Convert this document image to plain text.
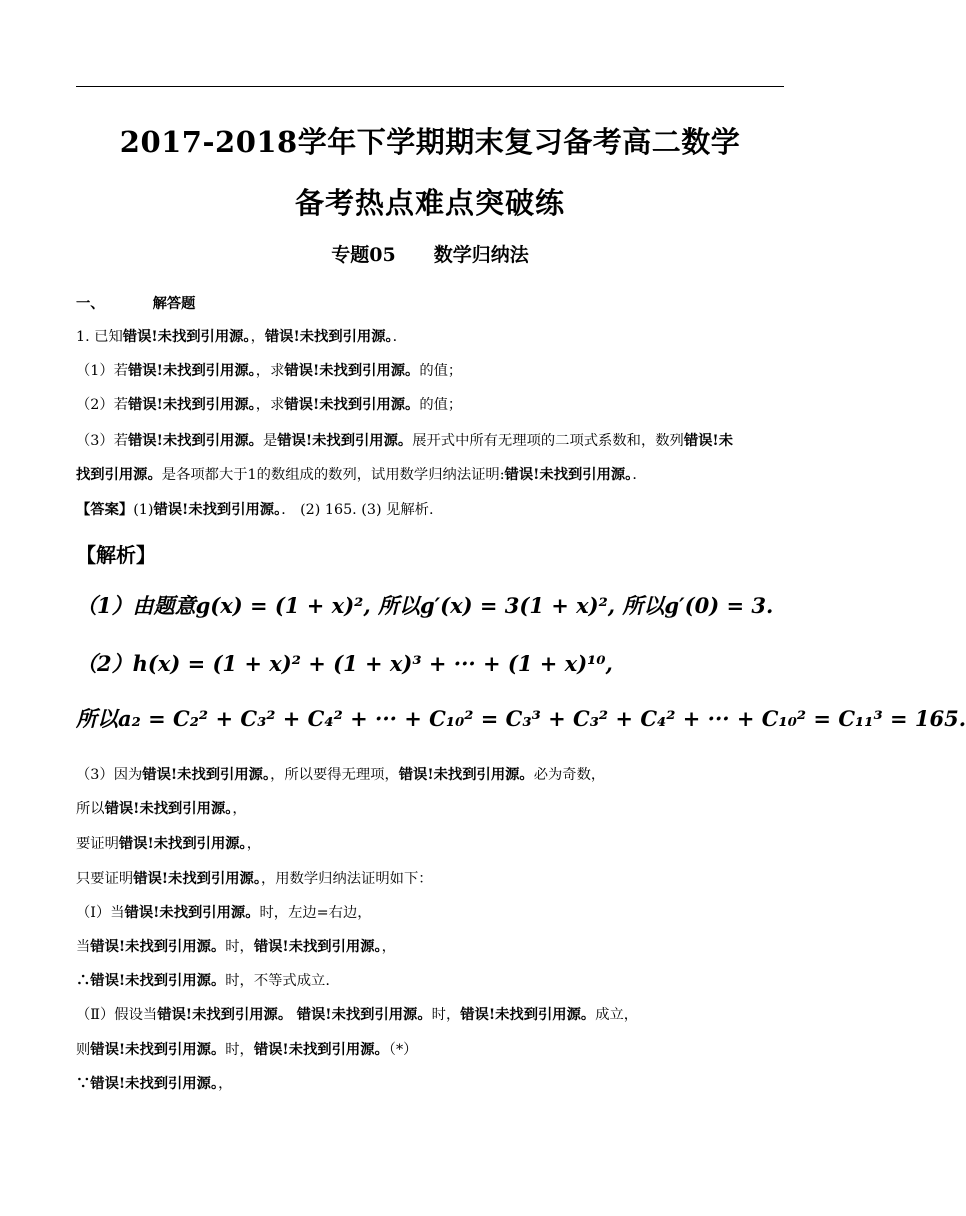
2017-2018学年下学期期末复习备考高二数学
备考热点难点突破练
专题05 数学归纳法
一、	解答题
1. 已知错误!未找到引用源。，错误!未找到引用源。．
（1）若错误!未找到引用源。，求错误!未找到引用源。的值；
（2）若错误!未找到引用源。，求错误!未找到引用源。的值；
（3）若错误!未找到引用源。是错误!未找到引用源。展开式中所有无理项的二项式系数和，数列错误!未
找到引用源。是各项都大于1的数组成的数列，试用数学归纳法证明:错误!未找到引用源。．
【答案】(1)错误!未找到引用源。． (2) 165. (3) 见解析.
【解析】
（1）由题意g(x) = (1 + x)², 所以g′(x) = 3(1 + x)², 所以g′(0) = 3.
（2）h(x) = (1 + x)² + (1 + x)³ + ··· + (1 + x)¹⁰,
所以a₂ = C₂² + C₃² + C₄² + ··· + C₁₀² = C₃³ + C₃² + C₄² + ··· + C₁₀² = C₁₁³ = 165.
（3）因为错误!未找到引用源。，所以要得无理项，错误!未找到引用源。必为奇数，
所以错误!未找到引用源。，
要证明错误!未找到引用源。，
只要证明错误!未找到引用源。，用数学归纳法证明如下：
（Ⅰ）当错误!未找到引用源。时，左边=右边，
当错误!未找到引用源。时，错误!未找到引用源。，
∴错误!未找到引用源。时，不等式成立.
（Ⅱ）假设当错误!未找到引用源。 错误!未找到引用源。时，错误!未找到引用源。成立，
则错误!未找到引用源。时，错误!未找到引用源。（*）
∵错误!未找到引用源。，
